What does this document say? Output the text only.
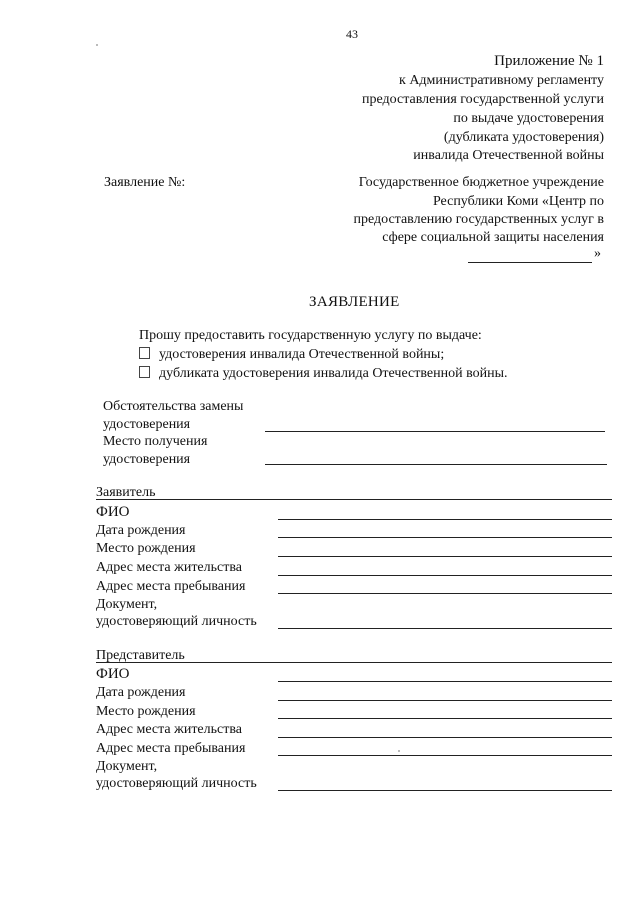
43
Приложение № 1
к Административному регламенту
предоставления государственной услуги
по выдаче удостоверения
(дубликата удостоверения)
инвалида Отечественной войны
Заявление №:	Государственное бюджетное учреждение
Республики Коми «Центр по
предоставлению государственных услуг в
сфере социальной защиты населения
»
ЗАЯВЛЕНИЕ
Прошу предоставить государственную услугу по выдаче:
удостоверения инвалида Отечественной войны;
дубликата удостоверения инвалида Отечественной войны.
Обстоятельства замены
удостоверения
Место получения
удостоверения
Заявитель
ФИО
Дата рождения
Место рождения
Адрес места жительства
Адрес места пребывания
Документ,
удостоверяющий личность
Представитель
ФИО
Дата рождения
Место рождения
Адрес места жительства
Адрес места пребывания
Документ,
удостоверяющий личность
